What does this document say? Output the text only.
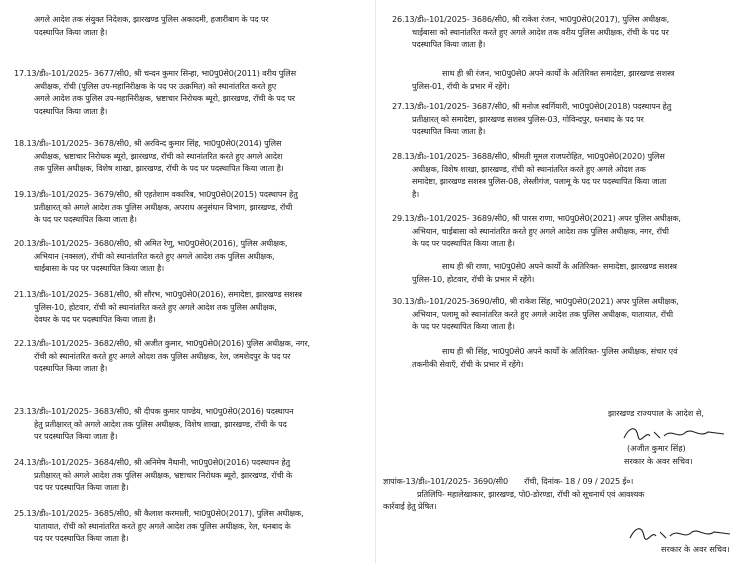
अगले आदेश तक संयुक्त निदेशक, झारखण्ड पुलिस अकादमी, हजारीबाग के पद पर
पदस्थापित किया जाता है।
17. 13/डी₀-101/2025- 3677/सी0, श्री चन्दन कुमार सिन्हा, भा0पु0से0(2011) वरीय पुलिस
अधीक्षक, रॉची (पुलिस उप-महानिरीक्षक के पद पर उत्क्रमित) को स्थानांतरित करते हुए
अगले आदेश तक पुलिस उप-महानिरीक्षक, भ्रष्टाचार निरोधक ब्यूरो, झारखण्ड, रॉची के पद पर
पदस्थापित किया जाता है।
18. 13/डी₀-101/2025- 3678/सी0, श्री अरविन्द कुमार सिंह, भा0पु0से0(2014) पुलिस
अधीक्षक, भ्रष्टाचार निरोधक ब्यूरो, झारखण्ड, रॉची को स्थानांतरित करते हुए अगले आदेश
तक पुलिस अधीक्षक, विशेष शाखा, झारखण्ड, रॉची के पद पर पदस्थापित किया जाता है।
19. 13/डी₀-101/2025- 3679/सी0, श्री एहतेशाम वकारिब, भा0पु0से0(2015) पदस्थापन हेतु
प्रतीक्षारत् को अगले आदेश तक पुलिस अधीक्षक, अपराध अनुसंधान विभाग, झारखण्ड, रॉची
के पद पर पदस्थापित किया जाता है।
20. 13/डी₀-101/2025- 3680/सी0, श्री अमित रेणु, भा0पु0से0(2016), पुलिस अधीक्षक,
अभियान (नक्सल), रॉची को स्थानांतरित करते हुए अगले आदेश तक पुलिस अधीक्षक,
चाईबासा के पद पर पदस्थापित किया जाता है।
21. 13/डी₀-101/2025- 3681/सी0, श्री सौरभ, भा0पु0से0(2016), समादेष्टा, झारखण्ड सशस्त्र
पुलिस-10, होटवार, रॉची को स्थानांतरित करते हुए अगले आदेश तक पुलिस अधीक्षक,
देवघर के पद पर पदस्थापित किया जाता है।
22. 13/डी₀-101/2025- 3682/सी0, श्री अजीत कुमार, भा0पु0से0(2016) पुलिस अधीक्षक, नगर,
रॉची को स्थानांतरित करते हुए अगले ओदश तक पुलिस अधीक्षक, रेल, जमशेदपुर के पद पर
पदस्थापित किया जाता है।
23. 13/डी₀-101/2025- 3683/सी0, श्री दीपक कुमार पाण्डेय, भा0पु0से0(2016) पदस्थापन
हेतु प्रतीक्षारत् को अगले आदेश तक पुलिस अधीक्षक, विशेष शाखा, झारखण्ड, रॉची के पद
पर पदस्थापित किया जाता है।
24. 13/डी₀-101/2025- 3684/सी0, श्री अनिमेष नैथानी, भा0पु0से0(2016) पदस्थापन हेतु
प्रतीक्षारत् को अगले आदेश तक पुलिस अधीक्षक, भ्रष्टाचार निरोधक ब्यूरो, झारखण्ड, रॉची के
पद पर पदस्थापित किया जाता है।
25. 13/डी₀-101/2025- 3685/सी0, श्री कैलाश करमाली, भा0पु0से0(2017), पुलिस अधीक्षक,
यातायात, रॉची को स्थानांतरित करते हुए अगले आदेश तक पुलिस अधीक्षक, रेल, धनबाद के
पद पर पदस्थापित किया जाता है।
26. 13/डी₀-101/2025- 3686/सी0, श्री राकेश रंजन, भा0पु0से0(2017), पुलिस अधीक्षक,
चाईबासा को स्थानांतरित करते हुए अगले आदेश तक वरीय पुलिस अधीक्षक, रॉची के पद पर
पदस्थापित किया जाता है।
साथ ही श्री रंजन, भा0पु0से0 अपने कार्यों के अतिरिक्त समादेष्टा, झारखण्ड सशस्त्र
पुलिस-01, रॉची के प्रभार में रहेंगे।
27. 13/डी₀-101/2025- 3687/सी0, श्री मनोज स्वर्गियारी, भा0पु0से0(2018) पदस्थापन हेतु
प्रतीक्षारत् को समादेष्टा, झारखण्ड सशस्त्र पुलिस-03, गोविन्दपुर, धनबाद के पद पर
पदस्थापित किया जाता है।
28. 13/डी₀-101/2025- 3688/सी0, श्रीमती मूमल राजपरोहित, भा0पु0से0(2020) पुलिस
अधीक्षक, विशेष शाखा, झारखण्ड, रॉची को स्थानांतरित करते हुए अगले ओदश तक
समादेष्टा, झारखण्ड सशस्त्र पुलिस-08, लेस्लीगंज, पलामू के पद पर पदस्थापित किया जाता
है।
29. 13/डी₀-101/2025- 3689/सी0, श्री पारस राणा, भा0पु0से0(2021) अपर पुलिस अधीक्षक,
अभियान, चाईबासा को स्थानांतरित करते हुए अगले आदेश तक पुलिस अधीक्षक, नगर, रॉची
के पद पर पदस्थापित किया जाता है।
साथ ही श्री राणा, भा0पु0से0 अपने कार्यों के अतिरिक्त- समादेष्टा, झारखण्ड सशस्त्र
पुलिस-10, होटवार, रॉची के प्रभार में रहेंगे।
30. 13/डी₀-101/2025-3690/सी0, श्री राकेश सिंह, भा0पु0से0(2021) अपर पुलिस अधीक्षक,
अभियान, पलामू को स्थानांतरित करते हुए अगले आदेश तक पुलिस अधीक्षक, यातायात, रॉची
के पद पर पदस्थापित किया जाता है।
साथ ही श्री सिंह, भा0पु0से0 अपने कार्यों के अतिरिक्त- पुलिस अधीक्षक, संचार एवं
तकनीकी सेवाएँ, रॉची के प्रभार में रहेंगे।
झारखण्ड राज्यपाल के आदेश से,
(अजीत कुमार सिंह)
सरकार के अवर सचिव।
ज्ञापांक-13/डी₀-101/2025- 3690/सी0 रॉची, दिनांक- 18 / 09 / 2025 ई०।
प्रतिलिपि- महालेखाकार, झारखण्ड, पो0-डोरण्डा, रॉची को सूचनार्थ एवं आवश्यक
कार्रवाई हेतु प्रेषित।
सरकार के अवर सचिव।
